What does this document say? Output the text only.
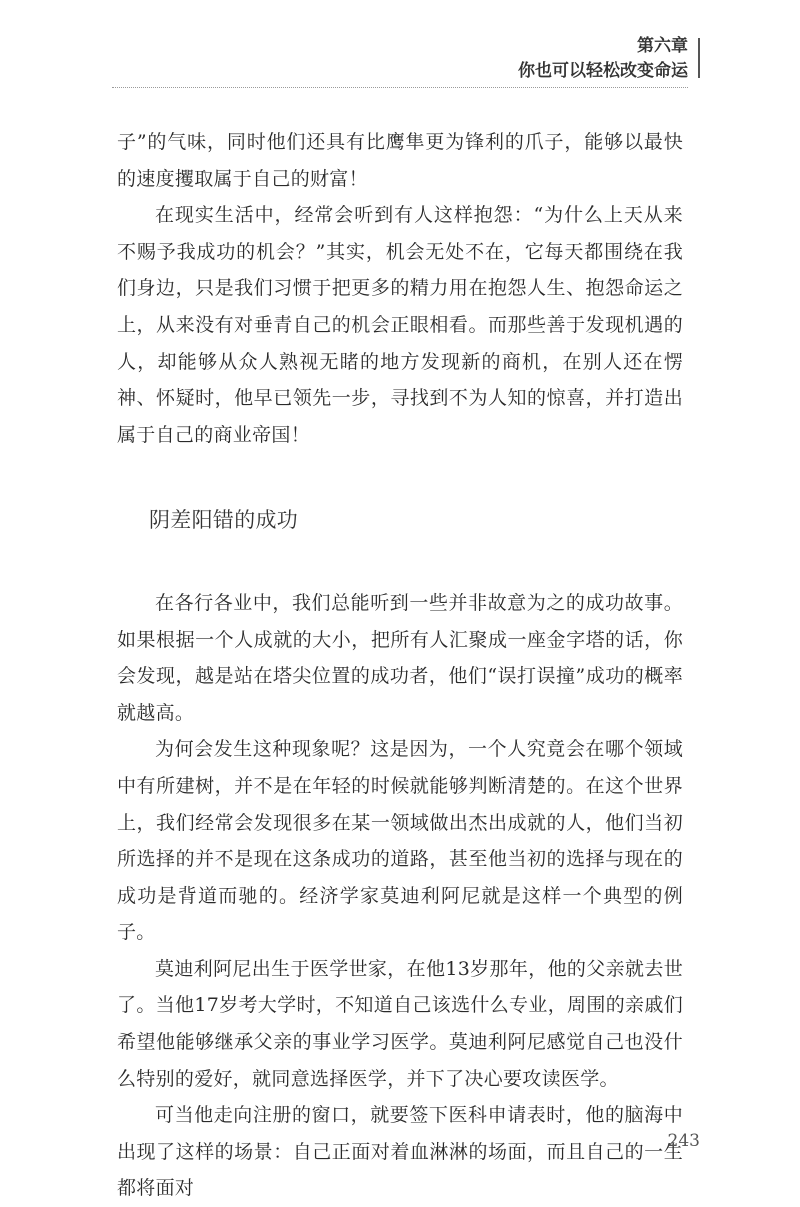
第六章
你也可以轻松改变命运

子”的气味，同时他们还具有比鹰隼更为锋利的爪子，能够以最快的速度攫取属于自己的财富！

在现实生活中，经常会听到有人这样抱怨：“为什么上天从来不赐予我成功的机会？”其实，机会无处不在，它每天都围绕在我们身边，只是我们习惯于把更多的精力用在抱怨人生、抱怨命运之上，从来没有对垂青自己的机会正眼相看。而那些善于发现机遇的人，却能够从众人熟视无睹的地方发现新的商机，在别人还在愣神、怀疑时，他早已领先一步，寻找到不为人知的惊喜，并打造出属于自己的商业帝国！

阴差阳错的成功

在各行各业中，我们总能听到一些并非故意为之的成功故事。如果根据一个人成就的大小，把所有人汇聚成一座金字塔的话，你会发现，越是站在塔尖位置的成功者，他们“误打误撞”成功的概率就越高。

为何会发生这种现象呢？这是因为，一个人究竟会在哪个领域中有所建树，并不是在年轻的时候就能够判断清楚的。在这个世界上，我们经常会发现很多在某一领域做出杰出成就的人，他们当初所选择的并不是现在这条成功的道路，甚至他当初的选择与现在的成功是背道而驰的。经济学家莫迪利阿尼就是这样一个典型的例子。

莫迪利阿尼出生于医学世家，在他13岁那年，他的父亲就去世了。当他17岁考大学时，不知道自己该选什么专业，周围的亲戚们希望他能够继承父亲的事业学习医学。莫迪利阿尼感觉自己也没什么特别的爱好，就同意选择医学，并下了决心要攻读医学。

可当他走向注册的窗口，就要签下医科申请表时，他的脑海中出现了这样的场景：自己正面对着血淋淋的场面，而且自己的一生都将面对

243
